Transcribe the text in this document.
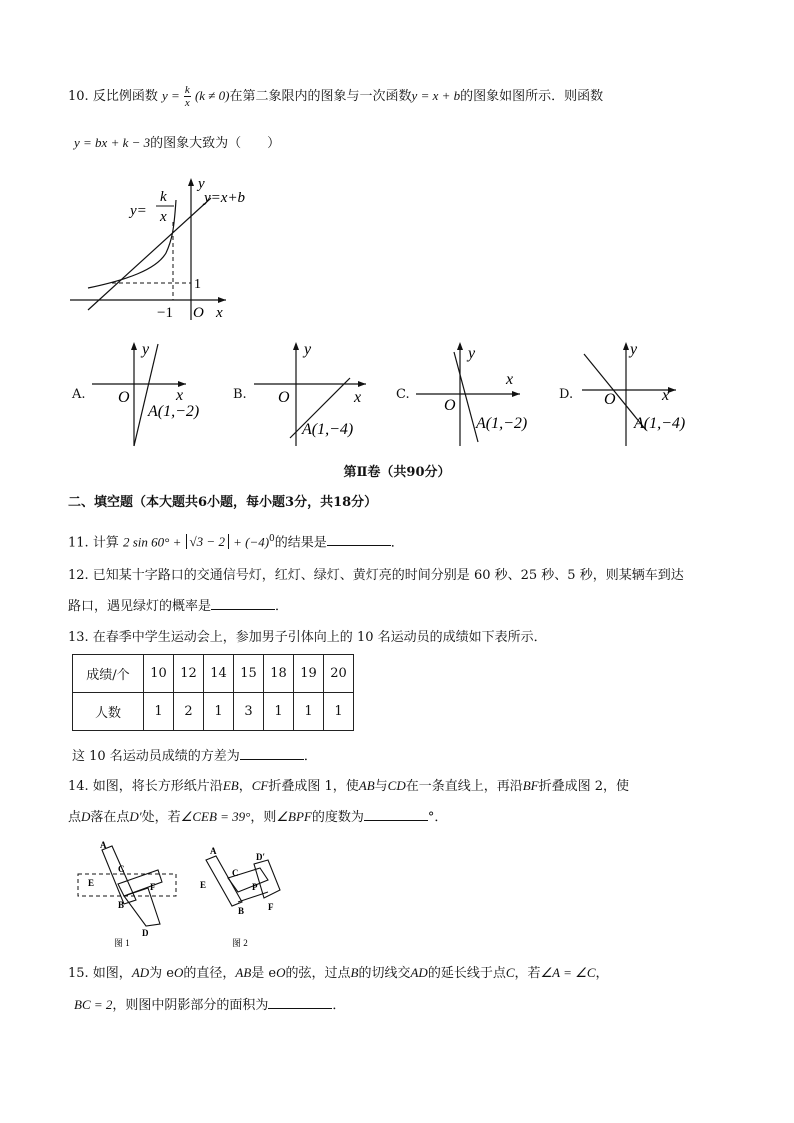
10. 反比例函数 $y = \frac{k}{x} (k \ne 0)$在第二象限内的图象与一次函数y = x + b的图象如图所示．则函数
y = bx + k − 3的图象大致为（　　）
y
x
O
−1
1
y=
k
x
y=x+b
A.
y
x
O
A(1,−2)
B.
y
x
O
A(1,−4)
C.
y
x
O
A(1,−2)
D.
y
x
O
A(1,−4)
第Ⅱ卷（共90分）
二、填空题（本大题共6小题，每小题3分，共18分）
11. 计算 2 $\sin 60^\circ + √3 - 2 + (-4)^0$的结果是	．
12. 已知某十字路口的交通信号灯，红灯、绿灯、黄灯亮的时间分别是 60 秒、25 秒、5 秒，则某辆车到达
路口，遇见绿灯的概率是	．
13. 在春季中学生运动会上，参加男子引体向上的 10 名运动员的成绩如下表所示．
成绩/个	10	12	14	15	18	19	20
人数	1	2	1	3	1	1	1
这 10 名运动员成绩的方差为	．
14. 如图，将长方形纸片沿EB，CF折叠成图 1，使AB与CD在一条直线上，再沿BF折叠成图 2，使
点D落在点D′处，若∠CEB = 39°，则∠BPF的度数为	°．
A
C
E
B
F
D
图 1
A
D′
C
E	P
B	F
图 2
15. 如图，AD为 eO的直径，AB是 eO的弦，过点B的切线交AD的延长线于点C，若∠A = ∠C，
BC = 2，则图中阴影部分的面积为	．
